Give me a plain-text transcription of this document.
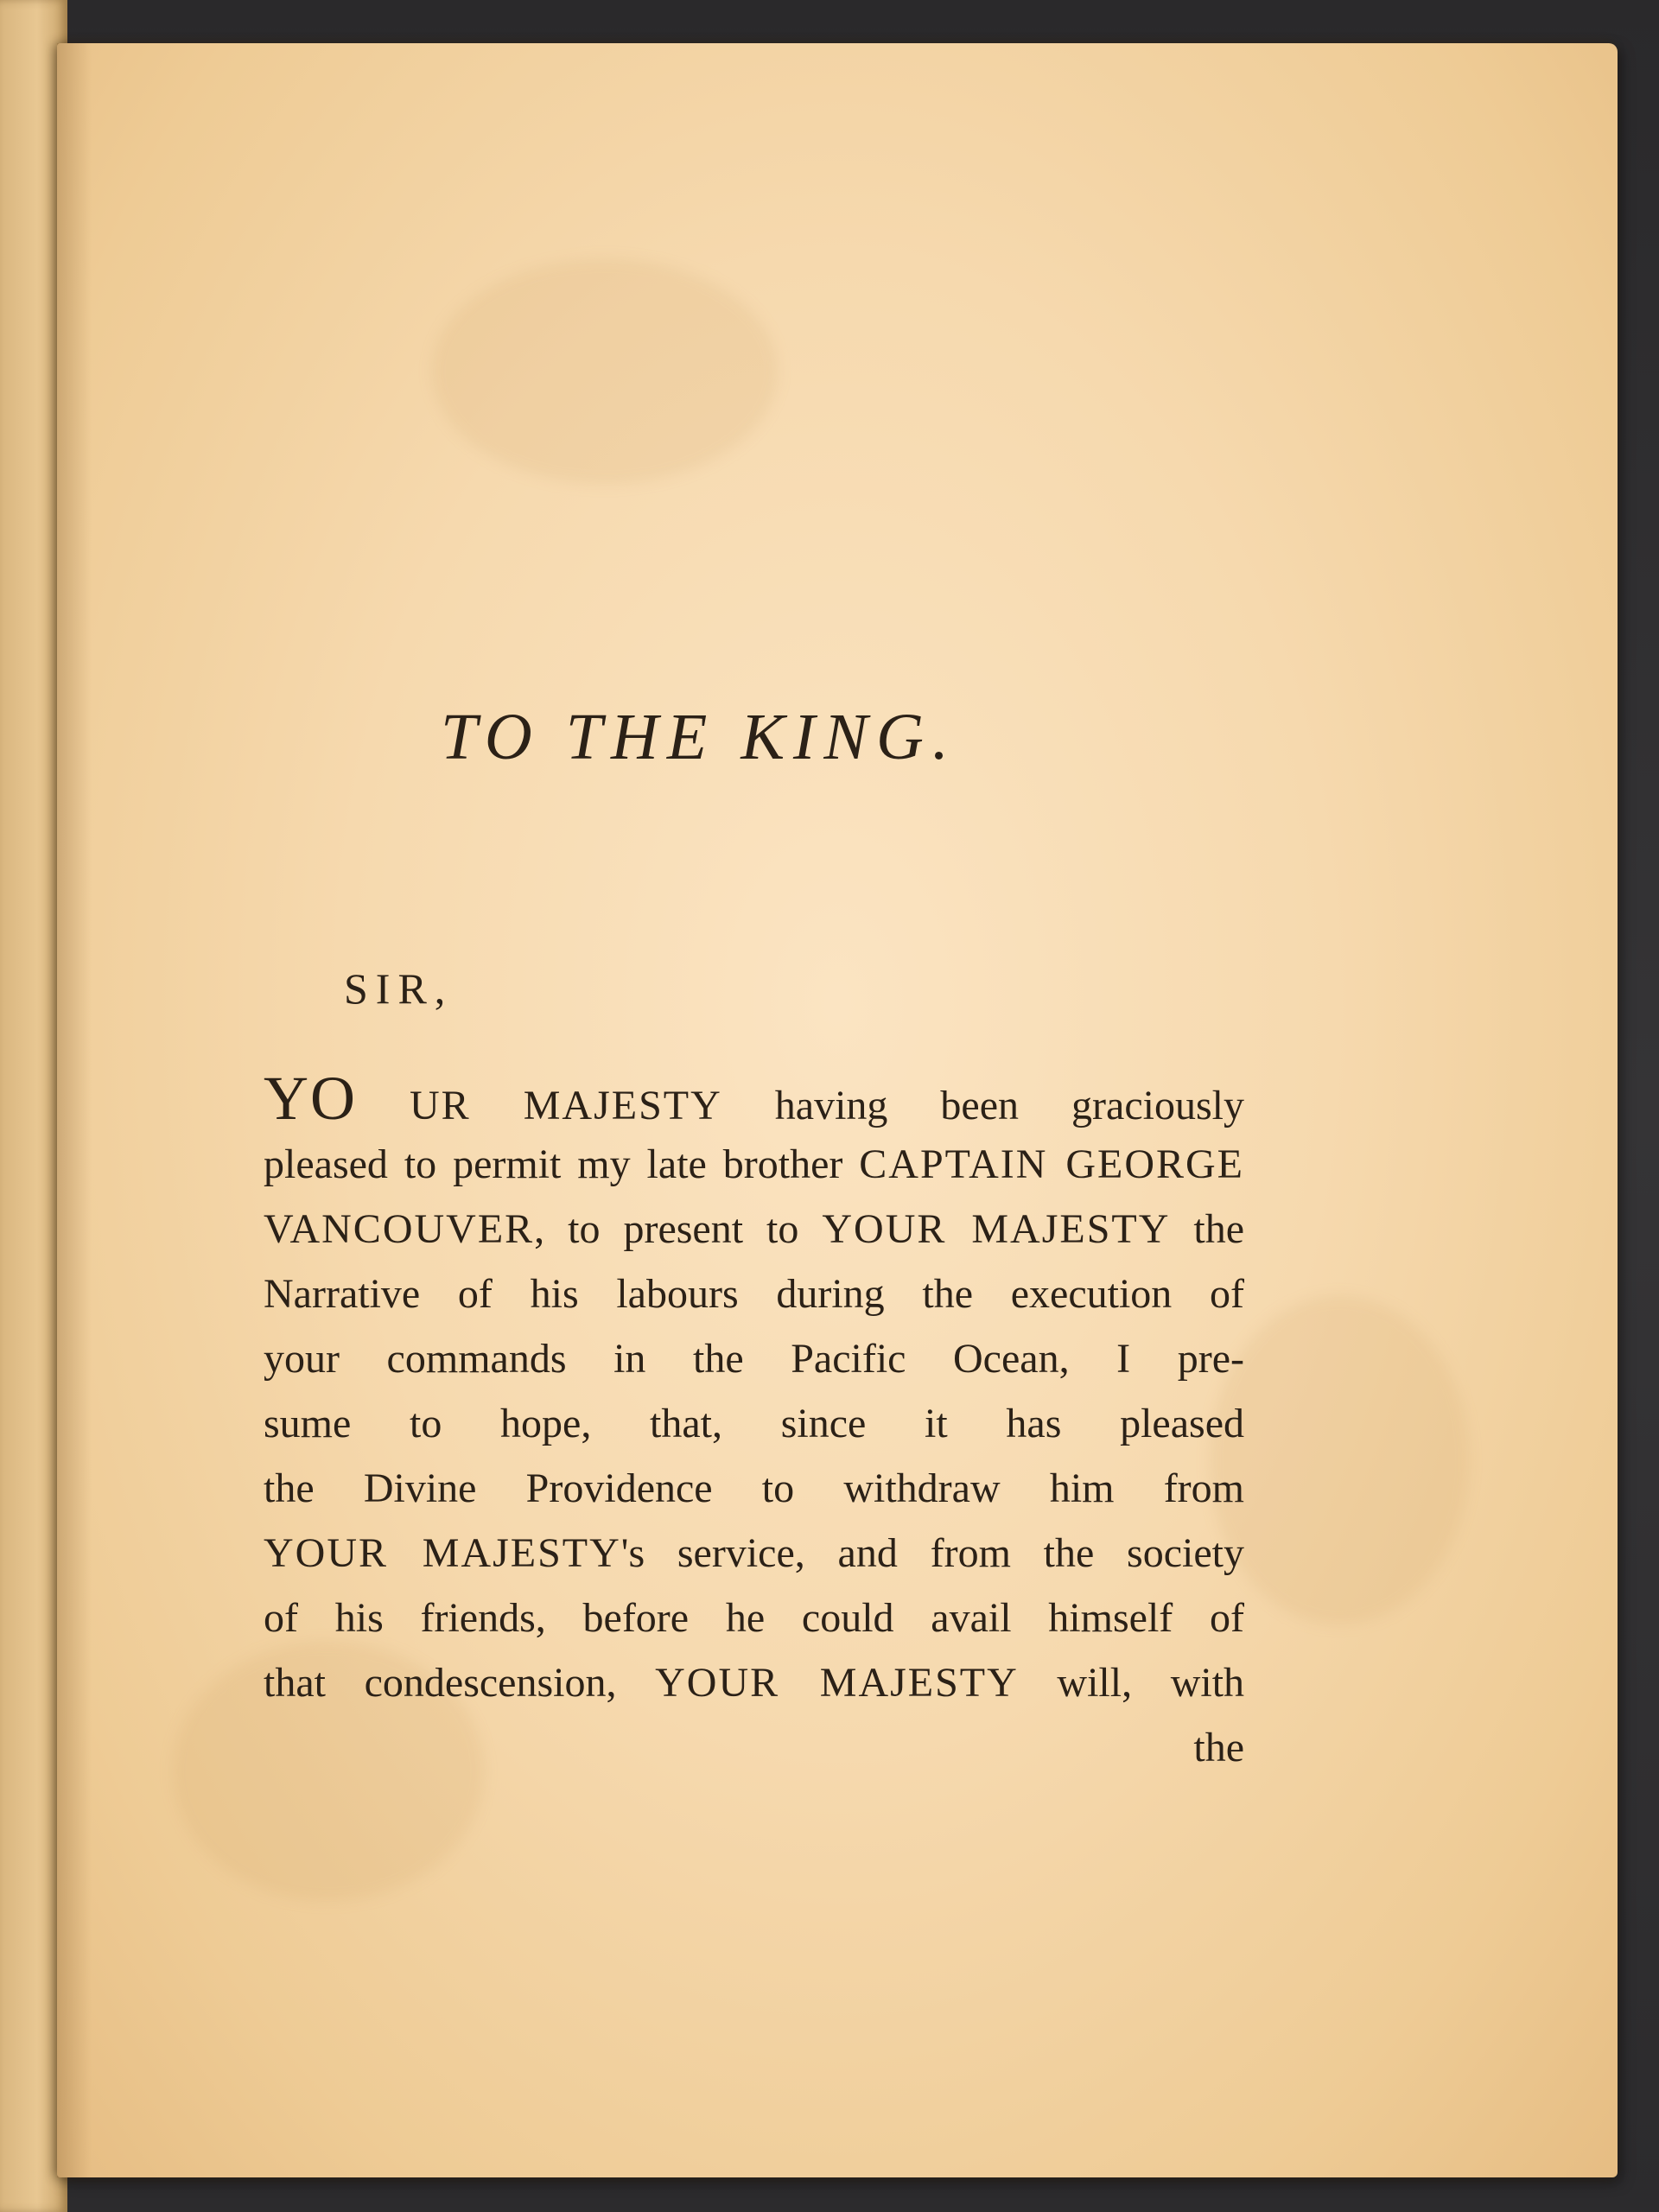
TO THE KING.
SIR,
YO UR MAJESTY having been graciously
pleased to permit my late brother CAPTAIN GEORGE
VANCOUVER, to present to YOUR MAJESTY the
Narrative of his labours during the execution of
your commands in the Pacific Ocean, I pre-
sume to hope, that, since it has pleased
the Divine Providence to withdraw him from
YOUR MAJESTY's service, and from the society
of his friends, before he could avail himself of
that condescension, YOUR MAJESTY will, with
the
